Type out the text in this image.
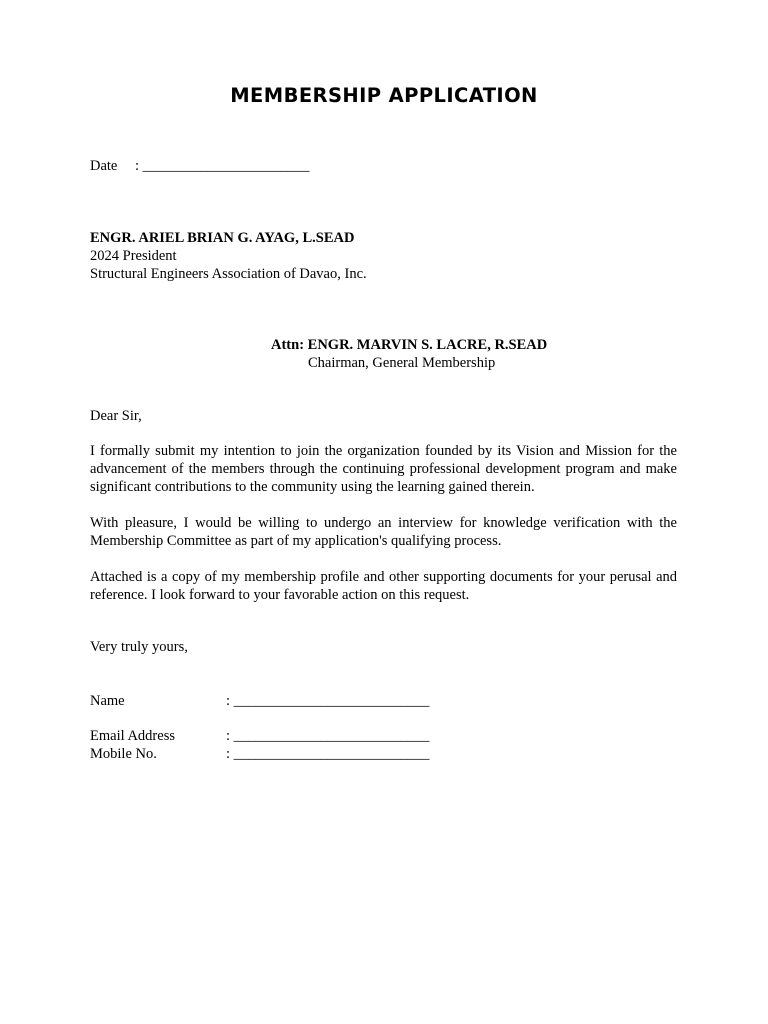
MEMBERSHIP APPLICATION
Date : _______________________
ENGR. ARIEL BRIAN G. AYAG, L.SEAD
2024 President
Structural Engineers Association of Davao, Inc.
Attn: ENGR. MARVIN S. LACRE, R.SEAD
Chairman, General Membership
Dear Sir,
I formally submit my intention to join the organization founded by its Vision and Mission for the advancement of the members through the continuing professional development program and make significant contributions to the community using the learning gained therein.
With pleasure, I would be willing to undergo an interview for knowledge verification with the Membership Committee as part of my application's qualifying process.
Attached is a copy of my membership profile and other supporting documents for your perusal and reference. I look forward to your favorable action on this request.
Very truly yours,
Name	: ___________________________
Email Address	: ___________________________
Mobile No.	: ___________________________
